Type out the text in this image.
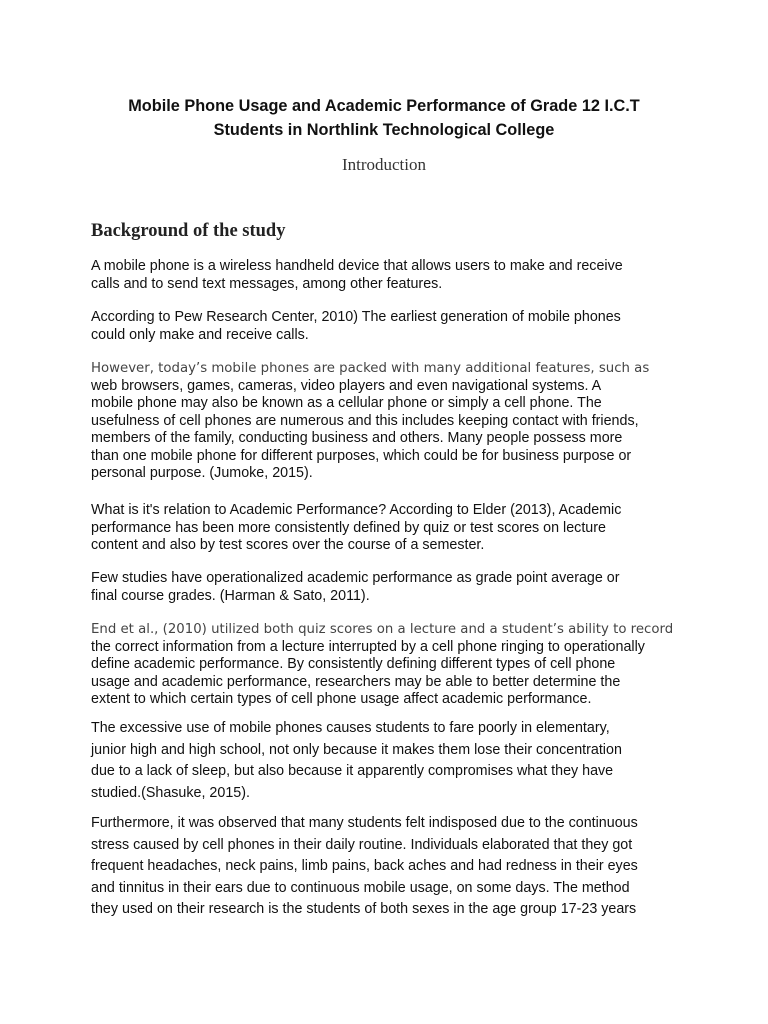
Mobile Phone Usage and Academic Performance of Grade 12 I.C.T
Students in Northlink Technological College
Introduction
Background of the study

A mobile phone is a wireless handheld device that allows users to make and receive
calls and to send text messages, among other features.

According to Pew Research Center, 2010) The earliest generation of mobile phones
could only make and receive calls.

However, today’s mobile phones are packed with many additional features, such as
web browsers, games, cameras, video players and even navigational systems. A
mobile phone may also be known as a cellular phone or simply a cell phone. The
usefulness of cell phones are numerous and this includes keeping contact with friends,
members of the family, conducting business and others. Many people possess more
than one mobile phone for different purposes, which could be for business purpose or
personal purpose. (Jumoke, 2015).

What is it's relation to Academic Performance? According to Elder (2013), Academic
performance has been more consistently defined by quiz or test scores on lecture
content and also by test scores over the course of a semester.

Few studies have operationalized academic performance as grade point average or
final course grades. (Harman & Sato, 2011).

End et al., (2010) utilized both quiz scores on a lecture and a student’s ability to record
the correct information from a lecture interrupted by a cell phone ringing to operationally
define academic performance. By consistently defining different types of cell phone
usage and academic performance, researchers may be able to better determine the
extent to which certain types of cell phone usage affect academic performance.

The excessive use of mobile phones causes students to fare poorly in elementary,
junior high and high school, not only because it makes them lose their concentration
due to a lack of sleep, but also because it apparently compromises what they have
studied.(Shasuke, 2015).

Furthermore, it was observed that many students felt indisposed due to the continuous
stress caused by cell phones in their daily routine. Individuals elaborated that they got
frequent headaches, neck pains, limb pains, back aches and had redness in their eyes
and tinnitus in their ears due to continuous mobile usage, on some days. The method
they used on their research is the students of both sexes in the age group 17-23 years
